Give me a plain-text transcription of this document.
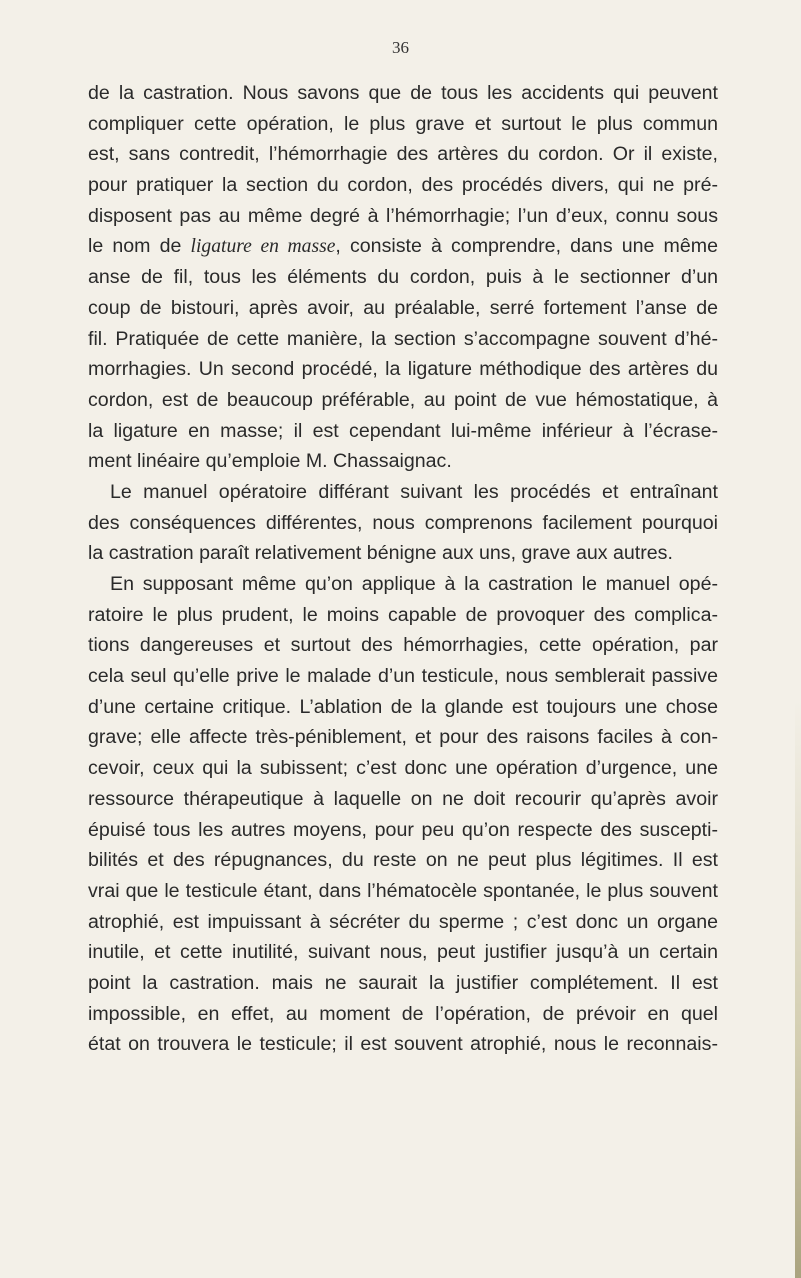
36
de la castration. Nous savons que de tous les accidents qui peuvent
compliquer cette opération, le plus grave et surtout le plus commun
est, sans contredit, l’hémorrhagie des artères du cordon. Or il existe,
pour pratiquer la section du cordon, des procédés divers, qui ne pré-
disposent pas au même degré à l’hémorrhagie; l’un d’eux, connu sous
le nom de ligature en masse, consiste à comprendre, dans une même
anse de fil, tous les éléments du cordon, puis à le sectionner d’un
coup de bistouri, après avoir, au préalable, serré fortement l’anse de
fil. Pratiquée de cette manière, la section s’accompagne souvent d’hé-
morrhagies. Un second procédé, la ligature méthodique des artères du
cordon, est de beaucoup préférable, au point de vue hémostatique, à
la ligature en masse; il est cependant lui-même inférieur à l’écrase-
ment linéaire qu’emploie M. Chassaignac.
Le manuel opératoire différant suivant les procédés et entraînant
des conséquences différentes, nous comprenons facilement pourquoi
la castration paraît relativement bénigne aux uns, grave aux autres.
En supposant même qu’on applique à la castration le manuel opé-
ratoire le plus prudent, le moins capable de provoquer des complica-
tions dangereuses et surtout des hémorrhagies, cette opération, par
cela seul qu’elle prive le malade d’un testicule, nous semblerait passive
d’une certaine critique. L’ablation de la glande est toujours une chose
grave; elle affecte très-péniblement, et pour des raisons faciles à con-
cevoir, ceux qui la subissent; c’est donc une opération d’urgence, une
ressource thérapeutique à laquelle on ne doit recourir qu’après avoir
épuisé tous les autres moyens, pour peu qu’on respecte des suscepti-
bilités et des répugnances, du reste on ne peut plus légitimes. Il est
vrai que le testicule étant, dans l’hématocèle spontanée, le plus souvent
atrophié, est impuissant à sécréter du sperme ; c’est donc un organe
inutile, et cette inutilité, suivant nous, peut justifier jusqu’à un certain
point la castration. mais ne saurait la justifier complétement. Il est
impossible, en effet, au moment de l’opération, de prévoir en quel
état on trouvera le testicule; il est souvent atrophié, nous le reconnais-
